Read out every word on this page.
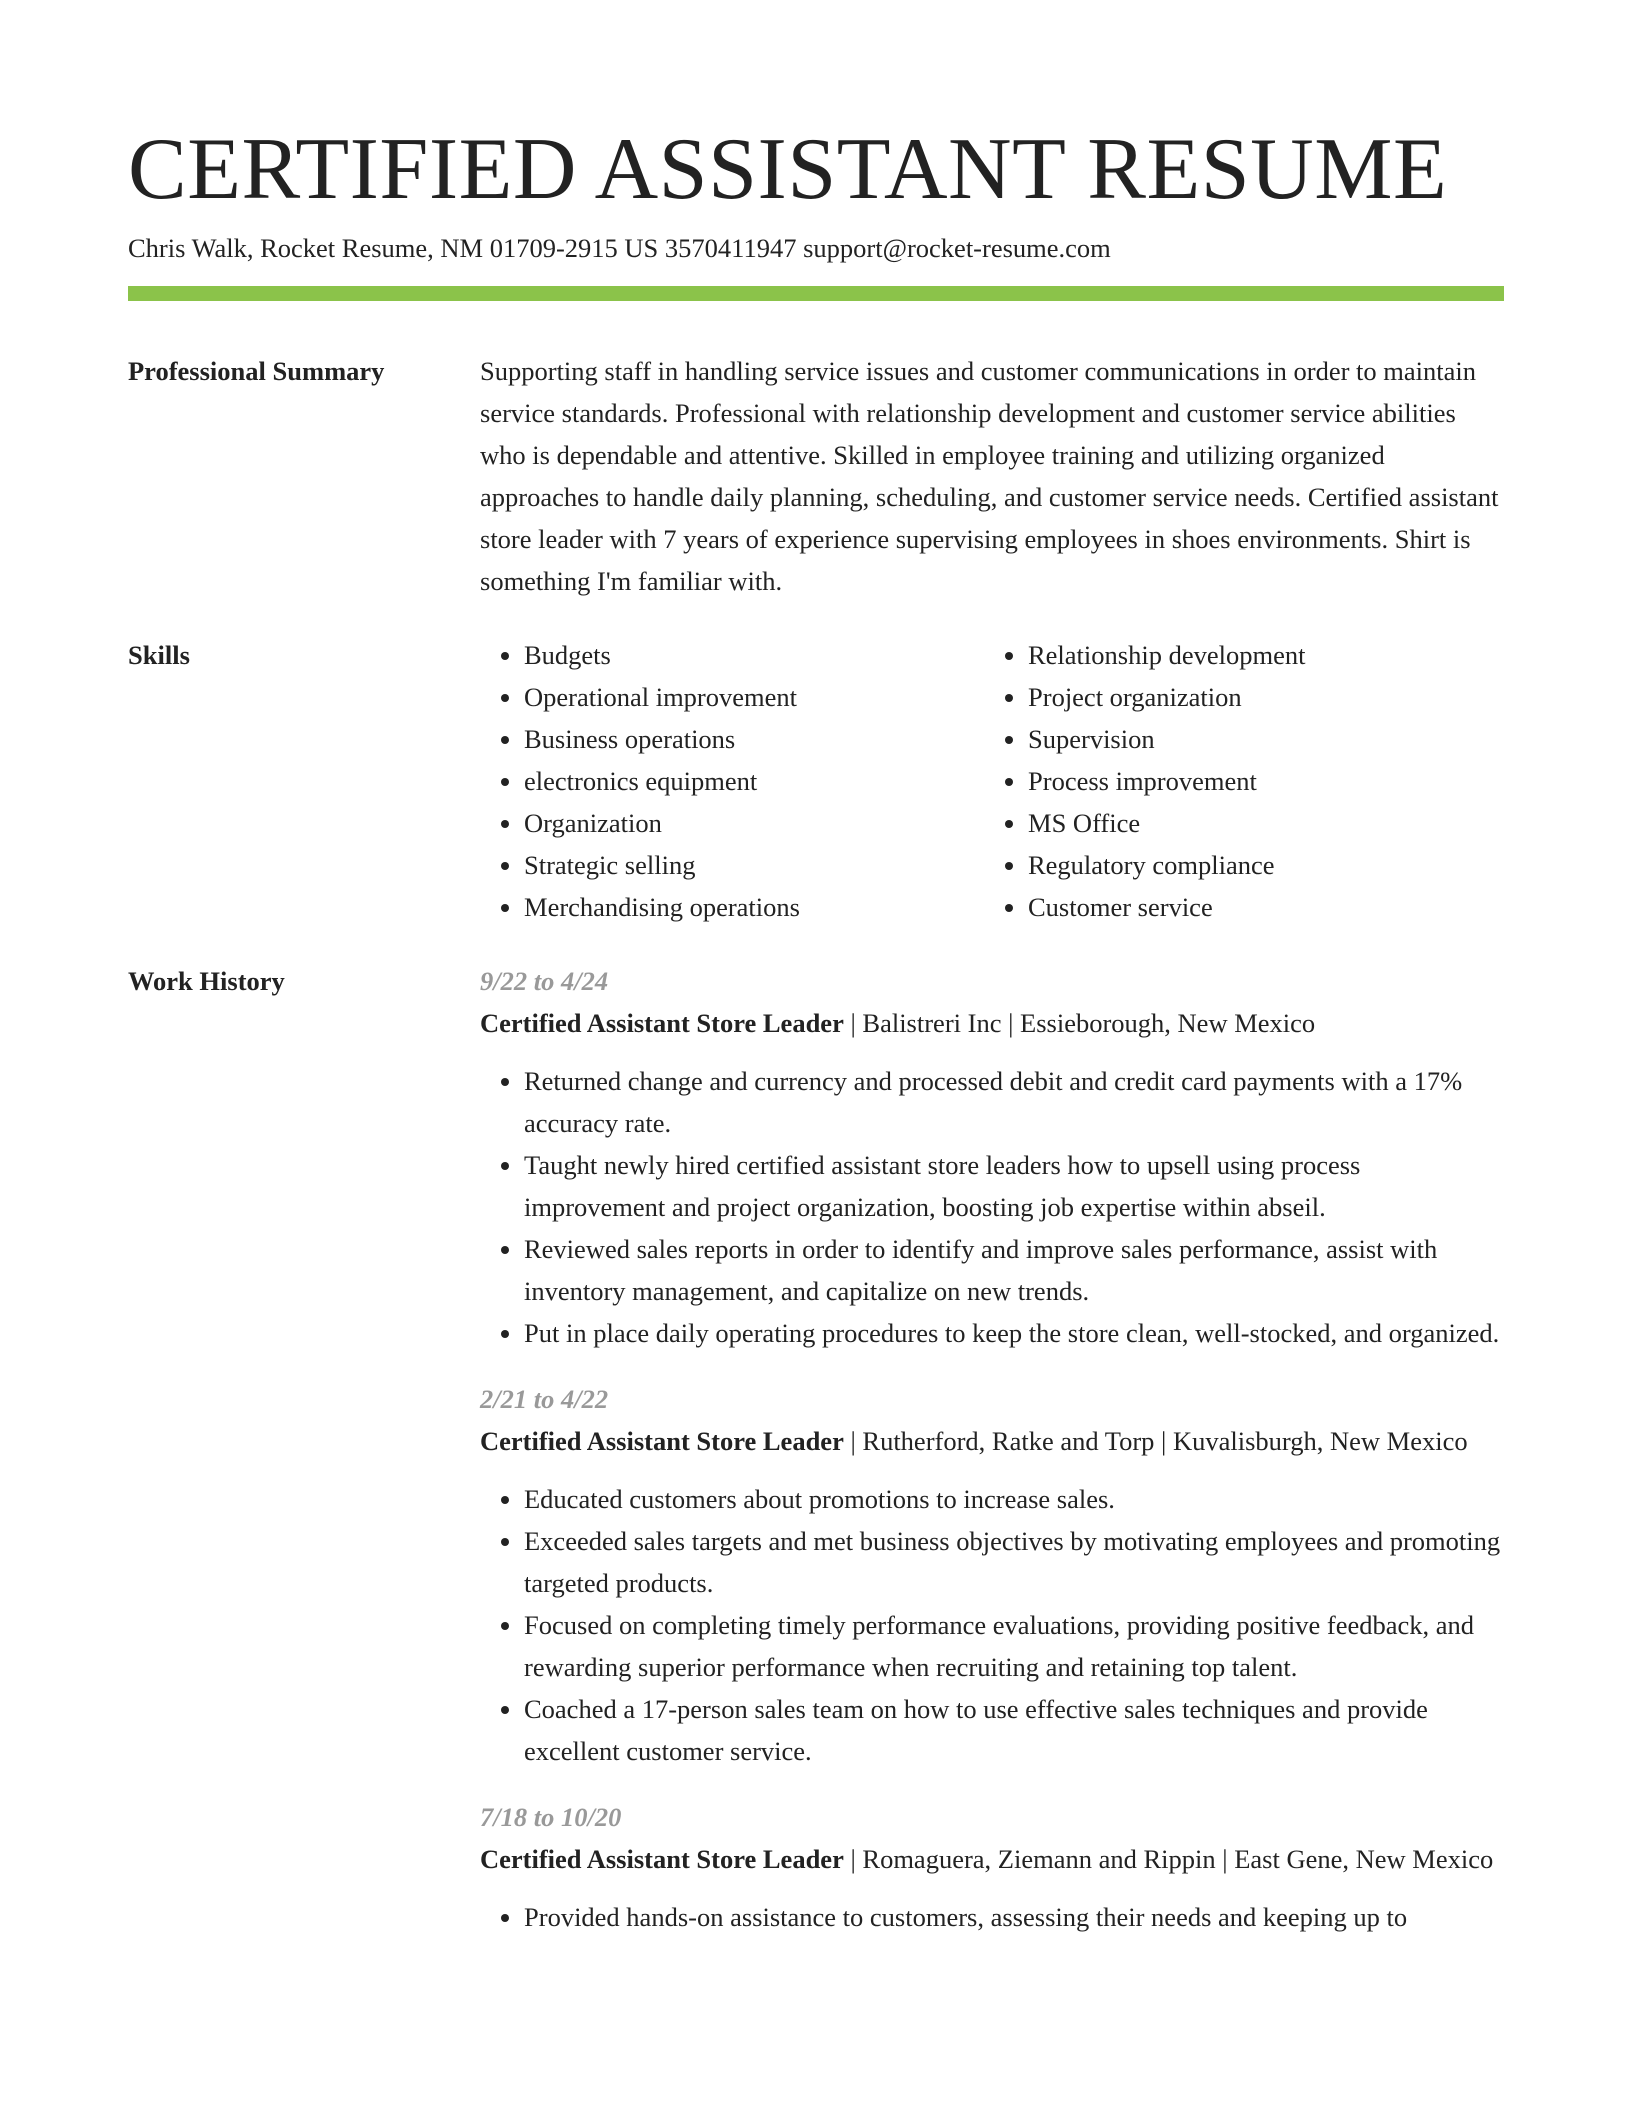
CERTIFIED ASSISTANT RESUME
Chris Walk, Rocket Resume, NM 01709-2915 US 3570411947 support@rocket-resume.com
Professional Summary	Supporting staff in handling service issues and customer communications in order to maintain service standards. Professional with relationship development and customer service abilities who is dependable and attentive. Skilled in employee training and utilizing organized approaches to handle daily planning, scheduling, and customer service needs. Certified assistant store leader with 7 years of experience supervising employees in shoes environments. Shirt is something I'm familiar with.

Skills
•	Budgets
• Operational improvement
• Business operations
• electronics equipment
• Organization
• Strategic selling
• Merchandising operations
• Relationship development
• Project organization
• Supervision
• Process improvement
• MS Office
• Regulatory compliance
• Customer service
Work History	9/22 to 4/24
Certified Assistant Store Leader | Balistreri Inc | Essieborough, New Mexico
• Returned change and currency and processed debit and credit card payments with a 17% accuracy rate.
• Taught newly hired certified assistant store leaders how to upsell using process improvement and project organization, boosting job expertise within abseil.
• Reviewed sales reports in order to identify and improve sales performance, assist with inventory management, and capitalize on new trends.
• Put in place daily operating procedures to keep the store clean, well-stocked, and organized.
2/21 to 4/22
Certified Assistant Store Leader | Rutherford, Ratke and Torp | Kuvalisburgh, New Mexico
• Educated customers about promotions to increase sales.
• Exceeded sales targets and met business objectives by motivating employees and promoting targeted products.
• Focused on completing timely performance evaluations, providing positive feedback, and rewarding superior performance when recruiting and retaining top talent.
• Coached a 17-person sales team on how to use effective sales techniques and provide excellent customer service.
7/18 to 10/20
Certified Assistant Store Leader | Romaguera, Ziemann and Rippin | East Gene, New Mexico
• Provided hands-on assistance to customers, assessing their needs and keeping up to
